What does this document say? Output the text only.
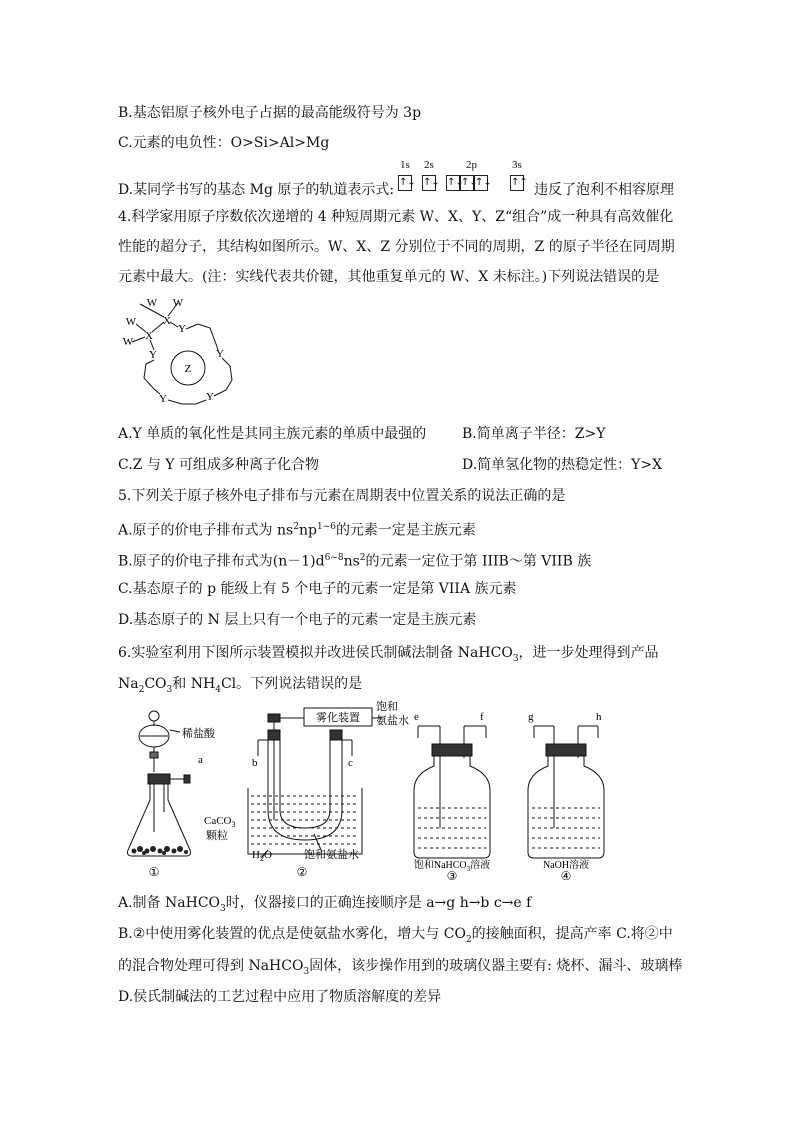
B.基态铝原子核外电子占据的最高能级符号为 3p
C.元素的电负性：O>Si>Al>Mg
D.某同学书写的基态 Mg 原子的轨道表示式:	违反了泡利不相容原理
1s 2s	2p	3s
↑↓ ↑↓ ↑↓
↑↓
↑↓ ↑↑
4.科学家用原子序数依次递增的 4 种短周期元素 W、X、Y、Z“组合”成一种具有高效催化
性能的超分子，其结构如图所示。W、X、Z 分别位于不同的周期，Z 的原子半径在同周期
元素中最大。(注：实线代表共价键，其他重复单元的 W、X 未标注。)下列说法错误的是
W W
W
W
X
X
Y
Y	Y
Y	Y
Z
A.Y 单质的氧化性是其同主族元素的单质中最强的	B.简单离子半径：Z>Y
C.Z 与 Y 可组成多种离子化合物	D.简单氢化物的热稳定性：Y>X
5.下列关于原子核外电子排布与元素在周期表中位置关系的说法正确的是
A.原子的价电子排布式为 $ns^2np^{1\sim 6}$的元素一定是主族元素
B.原子的价电子排布式为$(n-1)d^{6\sim 8}ns^2$的元素一定位于第 IIIB～第 VIIB 族
C.基态原子的 p 能级上有 5 个电子的元素一定是第 VIIA 族元素
D.基态原子的 N 层上只有一个电子的元素一定是主族元素
6.实验室利用下图所示装置模拟并改进侯氏制碱法制备 NaHCO$_3$，进一步处理得到产品
$Na_2CO_3$和 $NH_4Cl$。下列说法错误的是
稀盐酸
a
CaCO$_3$
颗粒
①
雾化装置
饱和
氨盐水
b	c
$H_2O$	饱和氨盐水
②
e	f
饱和NaHCO$_3$溶液
③
g	h
NaOH溶液
④
A.制备 NaHCO$_3$时，仪器接口的正确连接顺序是 a→g h→b c→e f
B.②中使用雾化装置的优点是使氨盐水雾化，增大与 $CO_2$的接触面积，提高产率 C.将②中
的混合物处理可得到 NaHCO$_3$固体，该步操作用到的玻璃仪器主要有: 烧杯、漏斗、玻璃棒
D.侯氏制碱法的工艺过程中应用了物质溶解度的差异
